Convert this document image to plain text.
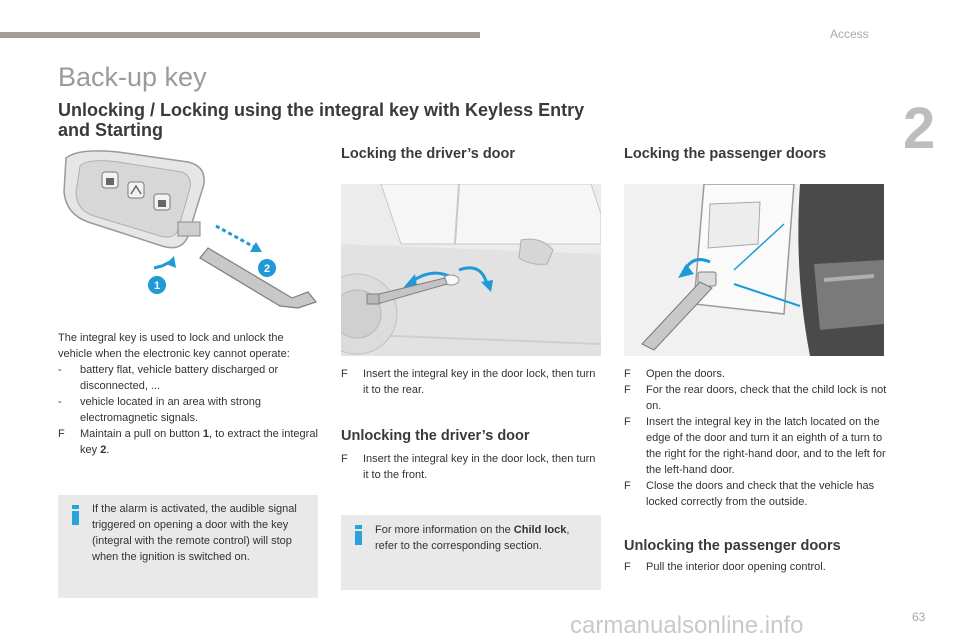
Access
2
Back-up key
Unlocking / Locking using the integral key with Keyless Entry and Starting
1
2
The integral key is used to lock and unlock the vehicle when the electronic key cannot operate:
-	battery flat, vehicle battery discharged or disconnected, ...
-	vehicle located in an area with strong electromagnetic signals.
F	Maintain a pull on button 1, to extract the integral key 2.
If the alarm is activated, the audible signal triggered on opening a door with the key (integral with the remote control) will stop when the ignition is switched on.
Locking the driver’s door
F	Insert the integral key in the door lock, then turn it to the rear.
Unlocking the driver’s door
F	Insert the integral key in the door lock, then turn it to the front.
For more information on the Child lock, refer to the corresponding section.
Locking the passenger doors
F	Open the doors.
F	For the rear doors, check that the child lock is not on.
F	Insert the integral key in the latch located on the edge of the door and turn it an eighth of a turn to the right for the right-hand door, and to the left for the left-hand door.
F	Close the doors and check that the vehicle has locked correctly from the outside.
Unlocking the passenger doors
F	Pull the interior door opening control.
carmanualsonline.info	63
